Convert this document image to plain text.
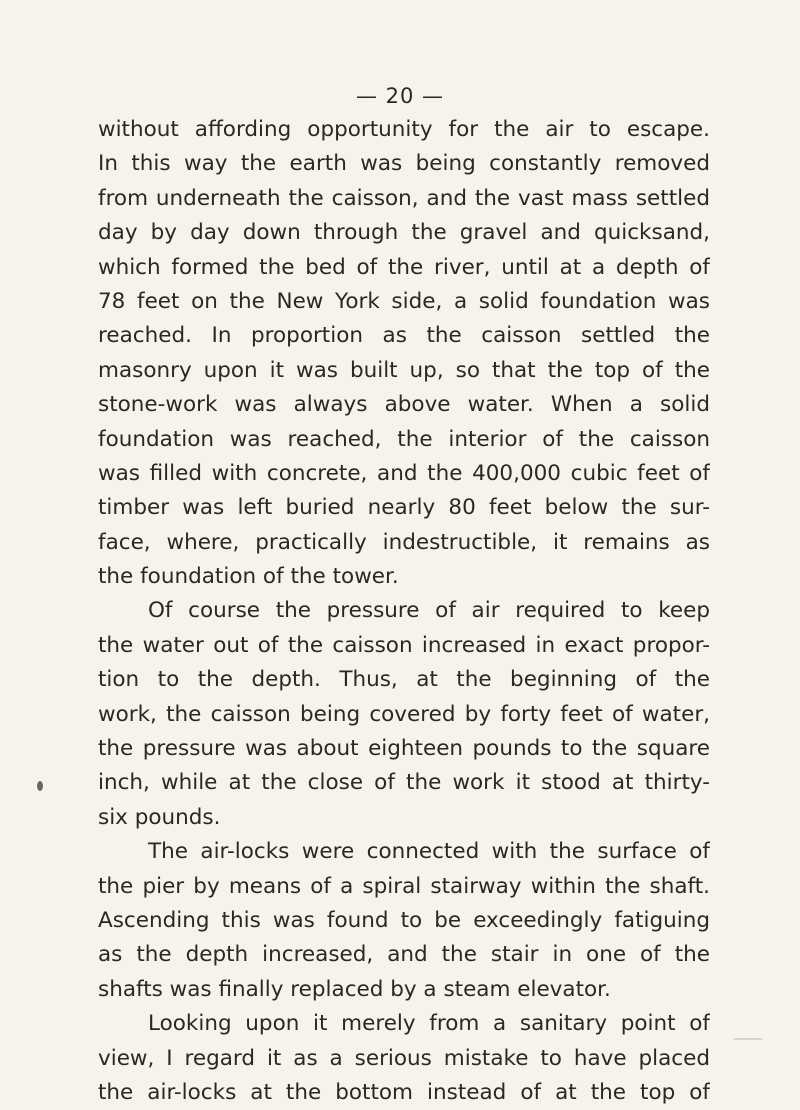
— 20 —
without affording opportunity for the air to escape.
In this way the earth was being constantly removed
from underneath the caisson, and the vast mass settled
day by day down through the gravel and quicksand,
which formed the bed of the river, until at a depth of
78 feet on the New York side, a solid foundation was
reached. In proportion as the caisson settled the
masonry upon it was built up, so that the top of the
stone-work was always above water. When a solid
foundation was reached, the interior of the caisson
was filled with concrete, and the 400,000 cubic feet of
timber was left buried nearly 80 feet below the sur-
face, where, practically indestructible, it remains as
the foundation of the tower.
Of course the pressure of air required to keep
the water out of the caisson increased in exact propor-
tion to the depth. Thus, at the beginning of the
work, the caisson being covered by forty feet of water,
the pressure was about eighteen pounds to the square
inch, while at the close of the work it stood at thirty-
six pounds.
The air-locks were connected with the surface of
the pier by means of a spiral stairway within the shaft.
Ascending this was found to be exceedingly fatiguing
as the depth increased, and the stair in one of the
shafts was finally replaced by a steam elevator.
Looking upon it merely from a sanitary point of
view, I regard it as a serious mistake to have placed
the air-locks at the bottom instead of at the top of
